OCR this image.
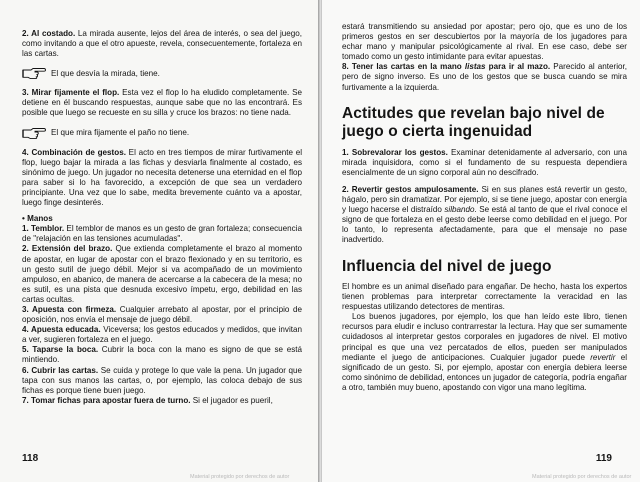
2. Al costado. La mirada ausente, lejos del área de interés, o sea del juego, como invitando a que el otro apueste, revela, consecuentemente, fortaleza en las cartas.

El que desvía la mirada, tiene.

3. Mirar fijamente el flop. Esta vez el flop lo ha eludido completamente. Se detiene en él buscando respuestas, aunque sabe que no las encontrará. Es posible que luego se recueste en su silla y cruce los brazos: no tiene nada.

El que mira fijamente el paño no tiene.

4. Combinación de gestos. El acto en tres tiempos de mirar furtivamente el flop, luego bajar la mirada a las fichas y desviarla finalmente al costado, es sinónimo de juego. Un jugador no necesita detenerse una eternidad en el flop para saber si lo ha favorecido, a excepción de que sea un verdadero principiante. Una vez que lo sabe, medita brevemente cuánto va a apostar, luego finge desinterés.

• Manos

1. Temblor. El temblor de manos es un gesto de gran fortaleza; consecuencia de "relajación en las tensiones acumuladas".

2. Extensión del brazo. Que extienda completamente el brazo al momento de apostar, en lugar de apostar con el brazo flexionado y en su territorio, es un gesto sutil de juego débil. Mejor si va acompañado de un movimiento ampuloso, en abanico, de manera de acercarse a la cabecera de la mesa; no es sutil, es una pista que desnuda excesivo ímpetu, ergo, debilidad en las cartas ocultas.

3. Apuesta con firmeza. Cualquier arrebato al apostar, por el principio de oposición, nos envía el mensaje de juego débil.

4. Apuesta educada. Viceversa; los gestos educados y medidos, que invitan a ver, sugieren fortaleza en el juego.

5. Taparse la boca. Cubrir la boca con la mano es signo de que se está mintiendo.

6. Cubrir las cartas. Se cuida y protege lo que vale la pena. Un jugador que tapa con sus manos las cartas, o, por ejemplo, las coloca debajo de sus fichas es porque tiene buen juego.

7. Tomar fichas para apostar fuera de turno. Si el jugador es pueril,

118
Material protegido por derechos de autor

estará transmitiendo su ansiedad por apostar; pero ojo, que es uno de los primeros gestos en ser descubiertos por la mayoría de los jugadores para echar mano y manipular psicológicamente al rival. En ese caso, debe ser tomado como un gesto intimidante para evitar apuestas.

8. Tener las cartas en la mano listas para ir al mazo. Parecido al anterior, pero de signo inverso. Es uno de los gestos que se busca cuando se mira furtivamente a la izquierda.

Actitudes que revelan bajo nivel de juego o cierta ingenuidad

1. Sobrevalorar los gestos. Examinar detenidamente al adversario, con una mirada inquisidora, como si el fundamento de su respuesta dependiera esencialmente de un signo corporal aún no descifrado.

2. Revertir gestos ampulosamente. Si en sus planes está revertir un gesto, hágalo, pero sin dramatizar. Por ejemplo, si se tiene juego, apostar con energía y luego hacerse el distraído silbando. Se está al tanto de que el rival conoce el signo de que fortaleza en el gesto debe leerse como debilidad en el juego. Por lo tanto, lo representa afectadamente, para que el mensaje no pase inadvertido.

Influencia del nivel de juego

El hombre es un animal diseñado para engañar. De hecho, hasta los expertos tienen problemas para interpretar correctamente la veracidad en las respuestas utilizando detectores de mentiras.

Los buenos jugadores, por ejemplo, los que han leído este libro, tienen recursos para eludir e incluso contrarrestar la lectura. Hay que ser sumamente cuidadosos al interpretar gestos corporales en jugadores de nivel. El motivo principal es que una vez percatados de ellos, pueden ser manipulados mediante el juego de anticipaciones. Cualquier jugador puede revertir el significado de un gesto. Si, por ejemplo, apostar con energía debiera leerse como sinónimo de debilidad, entonces un jugador de categoría, podría engañar a otro, también muy bueno, apostando con vigor una mano legítima.

119
Material protegido por derechos de autor
